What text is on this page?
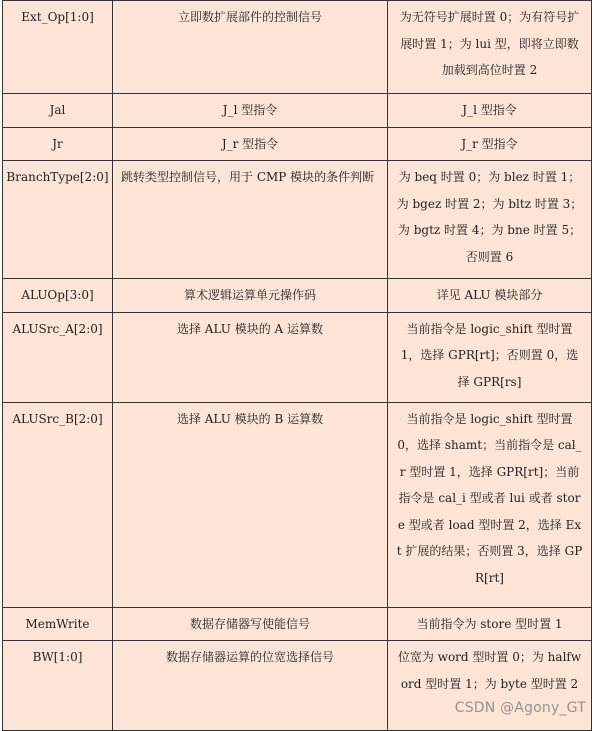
Ext_Op[1:0]	立即数扩展部件的控制信号	为无符号扩展时置 0；为有符号扩展时置 1；为 lui 型，即将立即数加载到高位时置 2
Jal	J_l 型指令	J_l 型指令
Jr	J_r 型指令	J_r 型指令
BranchType[2:0]	跳转类型控制信号，用于 CMP 模块的条件判断	为 beq 时置 0；为 blez 时置 1；为 bgez 时置 2；为 bltz 时置 3；为 bgtz 时置 4；为 bne 时置 5；否则置 6
ALUOp[3:0]	算术逻辑运算单元操作码	详见 ALU 模块部分
ALUSrc_A[2:0]	选择 ALU 模块的 A 运算数	当前指令是 logic_shift 型时置 1，选择 GPR[rt]；否则置 0，选择 GPR[rs]
ALUSrc_B[2:0]	选择 ALU 模块的 B 运算数	当前指令是 logic_shift 型时置 0，选择 shamt；当前指令是 cal_r 型时置 1，选择 GPR[rt]；当前指令是 cal_i 型或者 lui 或者 store 型或者 load 型时置 2，选择 Ext 扩展的结果；否则置 3，选择 GPR[rt]
MemWrite	数据存储器写使能信号	当前指令为 store 型时置 1
BW[1:0]	数据存储器运算的位宽选择信号	位宽为 word 型时置 0；为 halfword 型时置 1；为 byte 型时置 2
CSDN @Agony_GT
